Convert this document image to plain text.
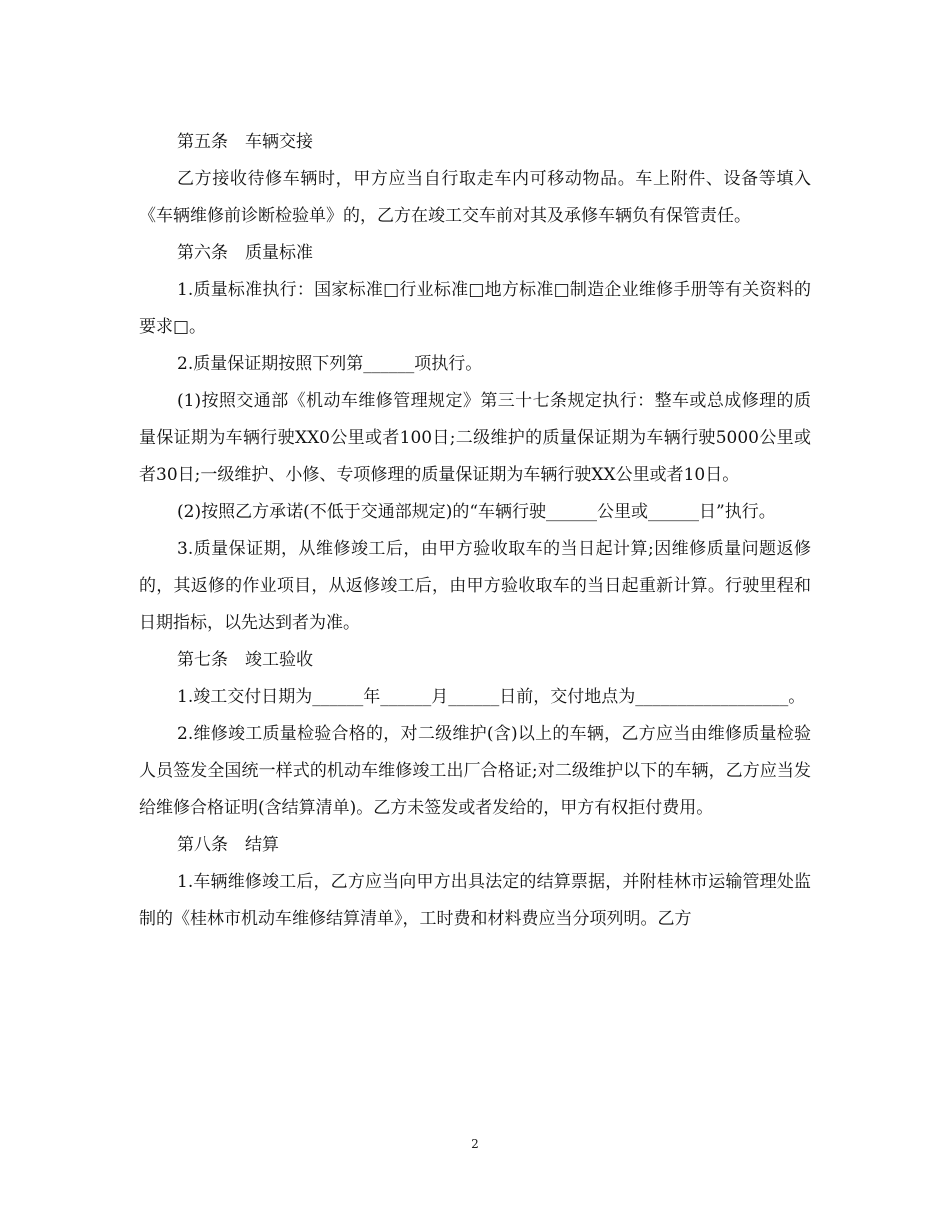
第五条　车辆交接

乙方接收待修车辆时，甲方应当自行取走车内可移动物品。车上附件、设备等填入《车辆维修前诊断检验单》的，乙方在竣工交车前对其及承修车辆负有保管责任。

第六条　质量标准

1.质量标准执行：国家标准□行业标准□地方标准□制造企业维修手册等有关资料的要求□。

2.质量保证期按照下列第______项执行。

(1)按照交通部《机动车维修管理规定》第三十七条规定执行：整车或总成修理的质量保证期为车辆行驶XX0公里或者100日;二级维护的质量保证期为车辆行驶5000公里或者30日;一级维护、小修、专项修理的质量保证期为车辆行驶XX公里或者10日。

(2)按照乙方承诺(不低于交通部规定)的“车辆行驶______公里或______日”执行。

3.质量保证期，从维修竣工后，由甲方验收取车的当日起计算;因维修质量问题返修的，其返修的作业项目，从返修竣工后，由甲方验收取车的当日起重新计算。行驶里程和日期指标，以先达到者为准。

第七条　竣工验收

1.竣工交付日期为______年______月______日前，交付地点为__________________。

2.维修竣工质量检验合格的，对二级维护(含)以上的车辆，乙方应当由维修质量检验人员签发全国统一样式的机动车维修竣工出厂合格证;对二级维护以下的车辆，乙方应当发给维修合格证明(含结算清单)。乙方未签发或者发给的，甲方有权拒付费用。

第八条　结算

1.车辆维修竣工后，乙方应当向甲方出具法定的结算票据，并附桂林市运输管理处监制的《桂林市机动车维修结算清单》，工时费和材料费应当分项列明。乙方

2
